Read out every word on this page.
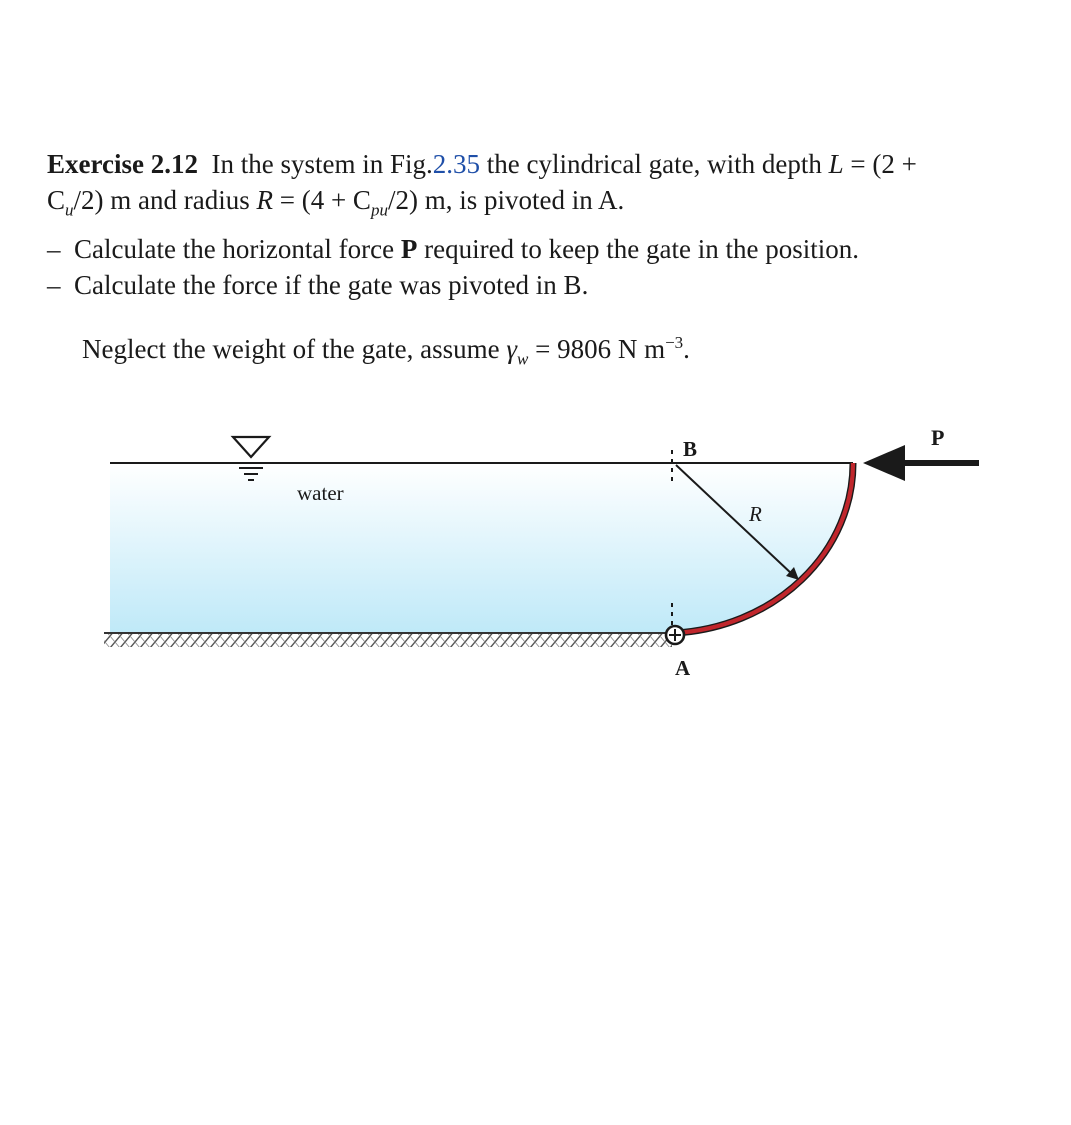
Exercise 2.12 In the system in Fig.2.35 the cylindrical gate, with depth L = (2 +
$C_u/2$) m and radius $R = (4 + C_{pu}/2)$ m, is pivoted in A.
– Calculate the horizontal force P required to keep the gate in the position.
– Calculate the force if the gate was pivoted in B.
Neglect the weight of the gate, assume $\gamma_w = 9806$ N $m^{-3}$.
water
B
R
A
P
